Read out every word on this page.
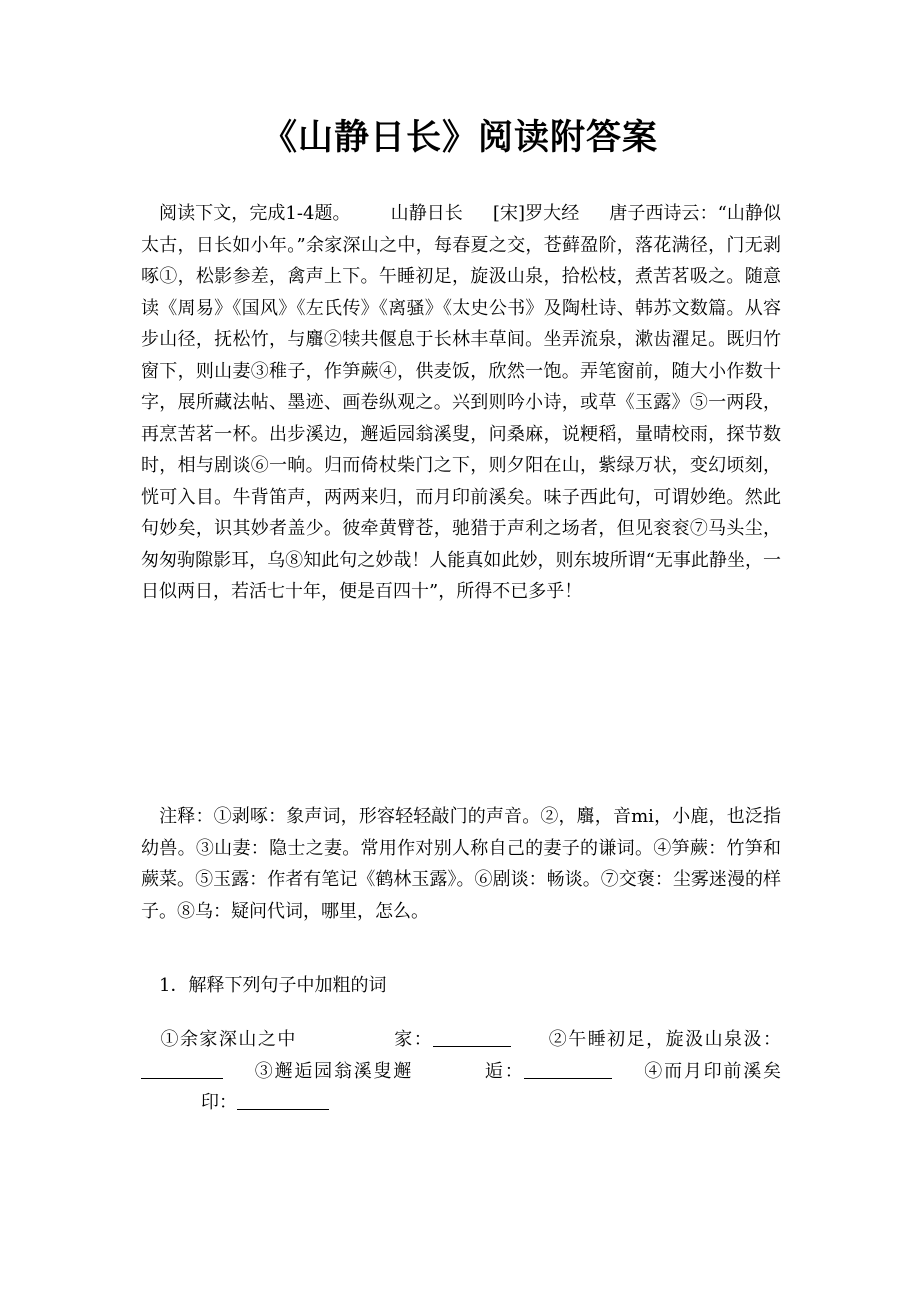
《山静日长》阅读附答案
阅读下文，完成1-4题。 山静日长 [宋]罗大经 唐子西诗云：“山静似太古，日长如小年。”余家深山之中，每春夏之交，苍藓盈阶，落花满径，门无剥啄①，松影参差，禽声上下。午睡初足，旋汲山泉，拾松枝，煮苦茗吸之。随意读《周易》《国风》《左氏传》《离骚》《太史公书》及陶杜诗、韩苏文数篇。从容步山径，抚松竹，与麛②犊共偃息于长林丰草间。坐弄流泉，漱齿濯足。既归竹窗下，则山妻③稚子，作笋蕨④，供麦饭，欣然一饱。弄笔窗前，随大小作数十字，展所藏法帖、墨迹、画卷纵观之。兴到则吟小诗，或草《玉露》⑤一两段，再烹苦茗一杯。出步溪边，邂逅园翁溪叟，问桑麻，说粳稻，量晴校雨，探节数时，相与剧谈⑥一晌。归而倚杖柴门之下，则夕阳在山，紫绿万状，变幻顷刻，恍可入目。牛背笛声，两两来归，而月印前溪矣。味子西此句，可谓妙绝。然此句妙矣，识其妙者盖少。彼牵黄臂苍，驰猎于声利之场者，但见衮衮⑦马头尘，匆匆驹隙影耳，乌⑧知此句之妙哉！人能真如此妙，则东坡所谓“无事此静坐，一日似两日，若活七十年，便是百四十”，所得不已多乎！
注释：①剥啄：象声词，形容轻轻敲门的声音。②，麛，音mi，小鹿，也泛指幼兽。③山妻：隐士之妻。常用作对别人称自己的妻子的谦词。④笋蕨：竹笋和蕨菜。⑤玉露：作者有笔记《鹤林玉露》。⑥剧谈：畅谈。⑦交褒：尘雾迷漫的样子。⑧乌：疑问代词，哪里，怎么。
1．解释下列句子中加粗的词
①余家深山之中	家：	②午睡初足，旋汲山泉汲：③邂逅园翁溪叟邂	逅：	④而月印前溪矣印：
